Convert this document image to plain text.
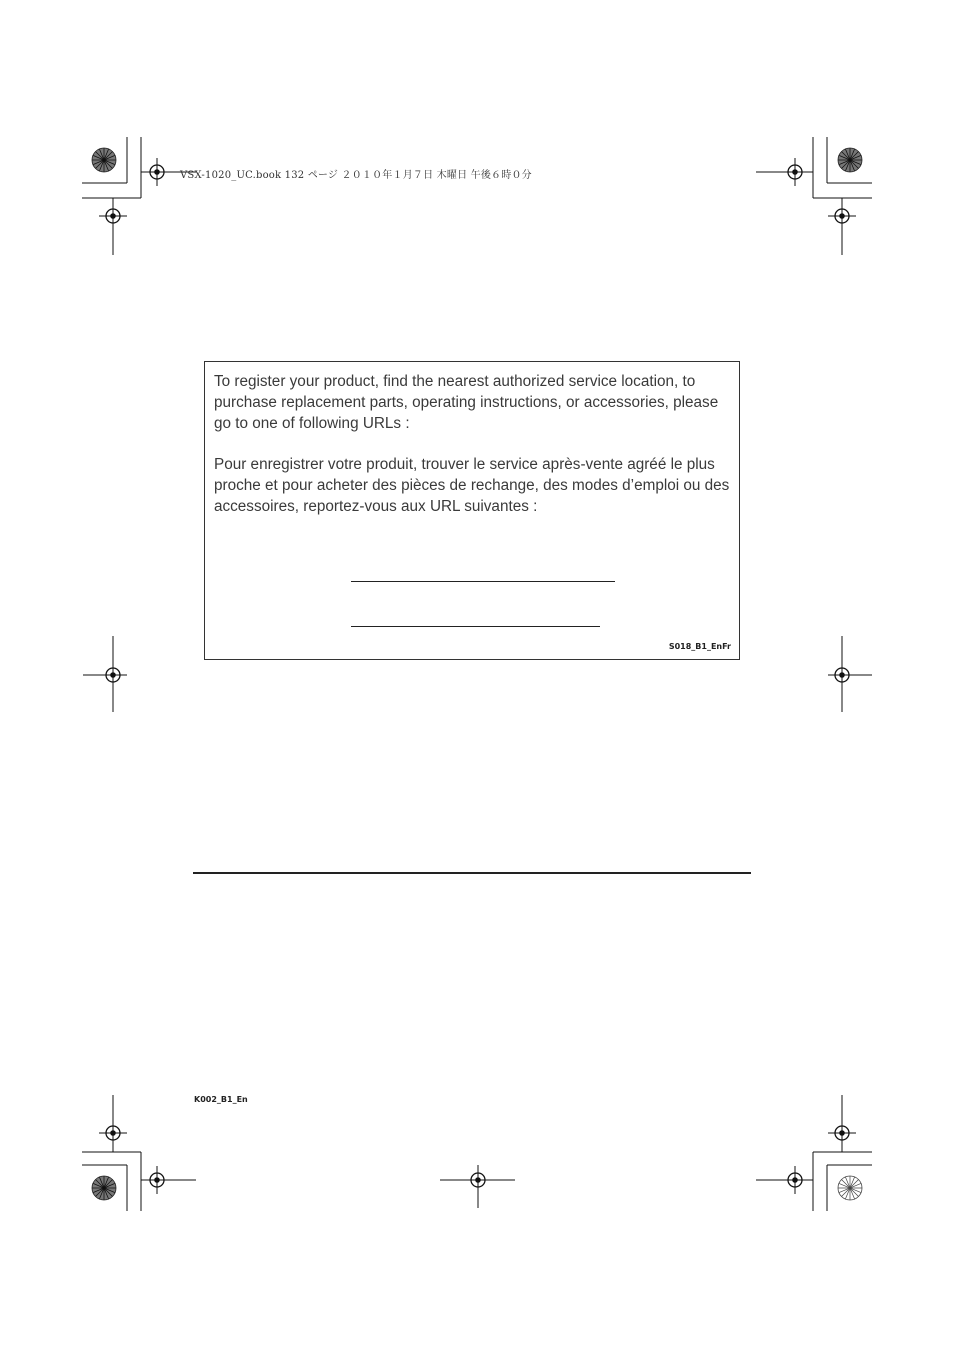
VSX-1020_UC.book 132 ページ ２０１０年１月７日 木曜日 午後６時０分

To register your product, find the nearest authorized service location, to purchase replacement parts, operating instructions, or accessories, please go to one of following URLs :

Pour enregistrer votre produit, trouver le service après-vente agréé le plus proche et pour acheter des pièces de rechange, des modes d’emploi ou des accessoires, reportez-vous aux URL suivantes :

S018_B1_EnFr
K002_B1_En
